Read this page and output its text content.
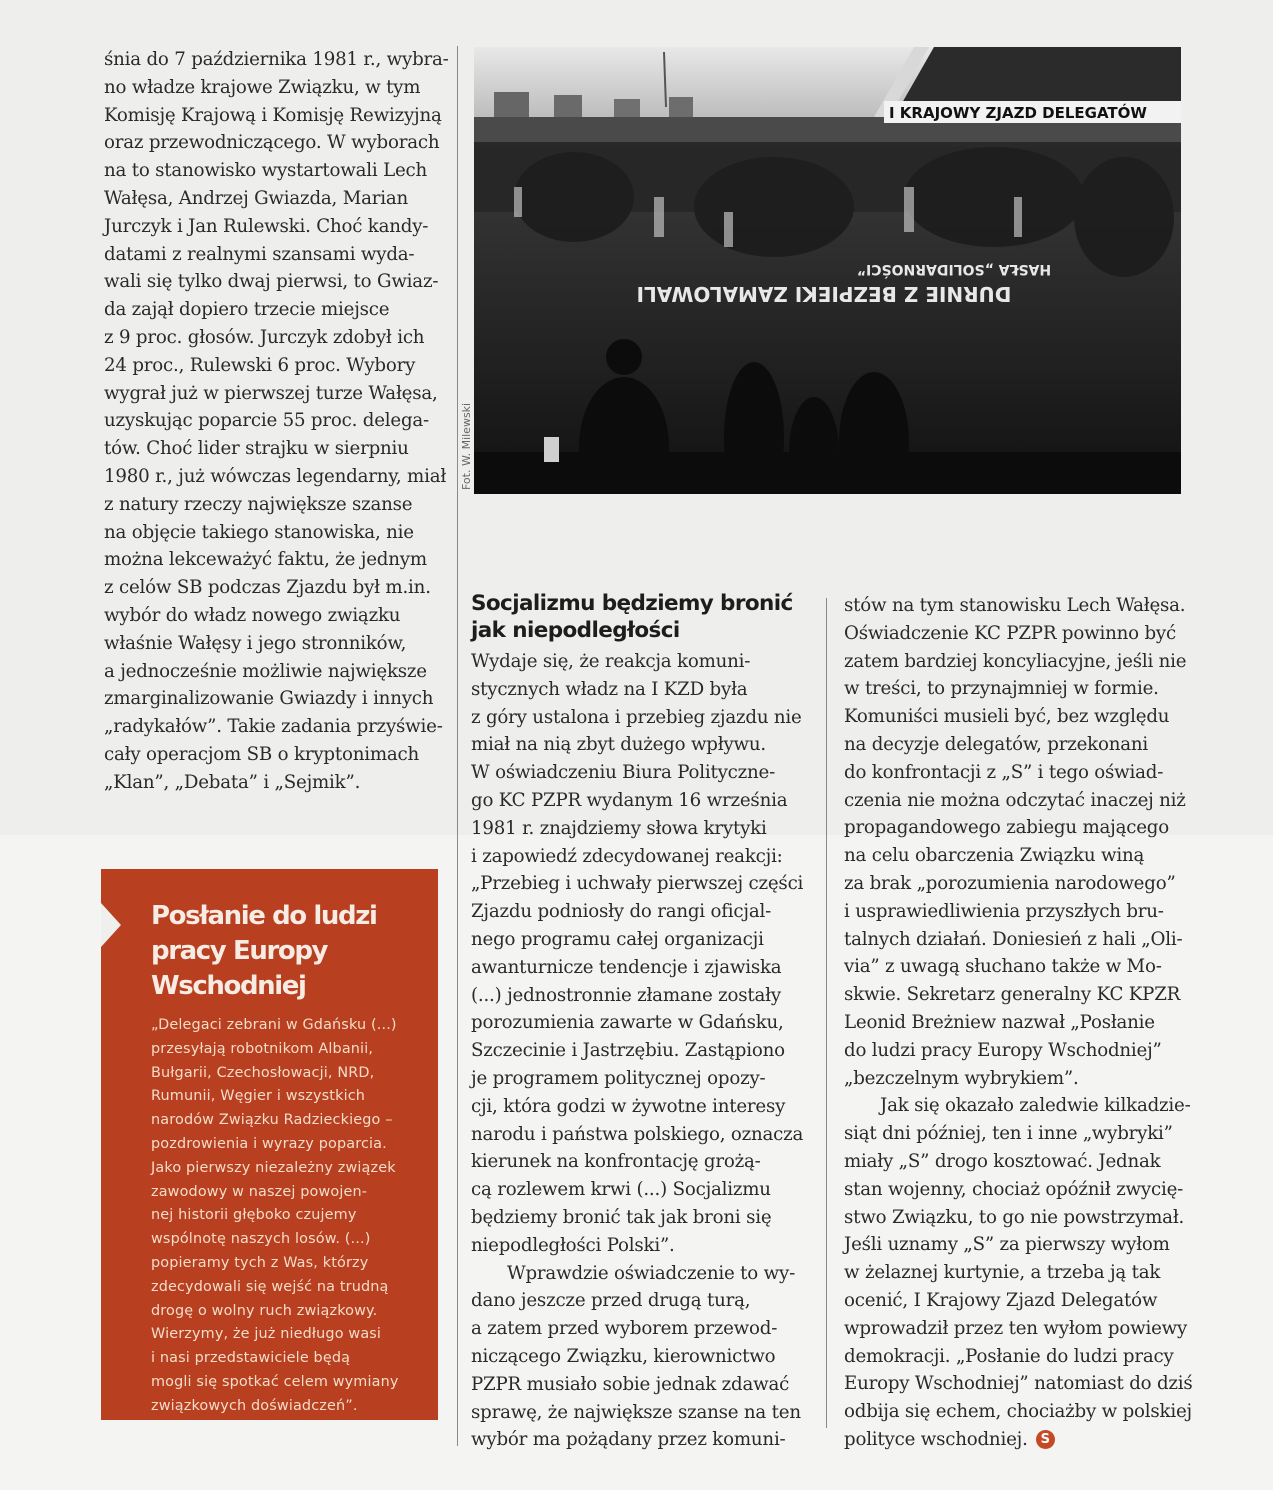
śnia do 7 października 1981 r., wybra-
no władze krajowe Związku, w tym
Komisję Krajową i Komisję Rewizyjną
oraz przewodniczącego. W wyborach
na to stanowisko wystartowali Lech
Wałęsa, Andrzej Gwiazda, Marian
Jurczyk i Jan Rulewski. Choć kandy-
datami z realnymi szansami wyda-
wali się tylko dwaj pierwsi, to Gwiaz-
da zajął dopiero trzecie miejsce
z 9 proc. głosów. Jurczyk zdobył ich
24 proc., Rulewski 6 proc. Wybory
wygrał już w pierwszej turze Wałęsa,
uzyskując poparcie 55 proc. delega-
tów. Choć lider strajku w sierpniu
1980 r., już wówczas legendarny, miał
z natury rzeczy największe szanse
na objęcie takiego stanowiska, nie
można lekceważyć faktu, że jednym
z celów SB podczas Zjazdu był m.in.
wybór do władz nowego związku
właśnie Wałęsy i jego stronników,
a jednocześnie możliwie największe
zmarginalizowanie Gwiazdy i innych
„radykałów”. Takie zadania przyświe-
cały operacjom SB o kryptonimach
„Klan”, „Debata” i „Sejmik”.
I KRAJOWY ZJAZD DELEGATÓW
DURNIE Z BEZPIEKI ZAMALOWALI
HASŁA „SOLIDARNOŚCI”
Fot. W. Milewski
Socjalizmu będziemy bronić
jak niepodległości
Wydaje się, że reakcja komuni-
stycznych władz na I KZD była
z góry ustalona i przebieg zjazdu nie
miał na nią zbyt dużego wpływu.
W oświadczeniu Biura Polityczne-
go KC PZPR wydanym 16 września
1981 r. znajdziemy słowa krytyki
i zapowiedź zdecydowanej reakcji:
„Przebieg i uchwały pierwszej części
Zjazdu podniosły do rangi oficjal-
nego programu całej organizacji
awanturnicze tendencje i zjawiska
(...) jednostronnie złamane zostały
porozumienia zawarte w Gdańsku,
Szczecinie i Jastrzębiu. Zastąpiono
je programem politycznej opozy-
cji, która godzi w żywotne interesy
narodu i państwa polskiego, oznacza
kierunek na konfrontację grożą-
cą rozlewem krwi (...) Socjalizmu
będziemy bronić tak jak broni się
niepodległości Polski”.
Wprawdzie oświadczenie to wy-
dano jeszcze przed drugą turą,
a zatem przed wyborem przewod-
niczącego Związku, kierownictwo
PZPR musiało sobie jednak zdawać
sprawę, że największe szanse na ten
wybór ma pożądany przez komuni-
stów na tym stanowisku Lech Wałęsa.
Oświadczenie KC PZPR powinno być
zatem bardziej koncyliacyjne, jeśli nie
w treści, to przynajmniej w formie.
Komuniści musieli być, bez względu
na decyzje delegatów, przekonani
do konfrontacji z „S” i tego oświad-
czenia nie można odczytać inaczej niż
propagandowego zabiegu mającego
na celu obarczenia Związku winą
za brak „porozumienia narodowego”
i usprawiedliwienia przyszłych bru-
talnych działań. Doniesień z hali „Oli-
via” z uwagą słuchano także w Mo-
skwie. Sekretarz generalny KC KPZR
Leonid Breżniew nazwał „Posłanie
do ludzi pracy Europy Wschodniej”
„bezczelnym wybrykiem”.
Jak się okazało zaledwie kilkadzie-
siąt dni później, ten i inne „wybryki”
miały „S” drogo kosztować. Jednak
stan wojenny, chociaż opóźnił zwycię-
stwo Związku, to go nie powstrzymał.
Jeśli uznamy „S” za pierwszy wyłom
w żelaznej kurtynie, a trzeba ją tak
ocenić, I Krajowy Zjazd Delegatów
wprowadził przez ten wyłom powiewy
demokracji. „Posłanie do ludzi pracy
Europy Wschodniej” natomiast do dziś
odbija się echem, chociażby w polskiej
polityce wschodniej. S
Posłanie do ludzi
pracy Europy
Wschodniej
„Delegaci zebrani w Gdańsku (...)
przesyłają robotnikom Albanii,
Bułgarii, Czechosłowacji, NRD,
Rumunii, Węgier i wszystkich
narodów Związku Radzieckiego –
pozdrowienia i wyrazy poparcia.
Jako pierwszy niezależny związek
zawodowy w naszej powojen-
nej historii głęboko czujemy
wspólnotę naszych losów. (...)
popieramy tych z Was, którzy
zdecydowali się wejść na trudną
drogę o wolny ruch związkowy.
Wierzymy, że już niedługo wasi
i nasi przedstawiciele będą
mogli się spotkać celem wymiany
związkowych doświadczeń”.
